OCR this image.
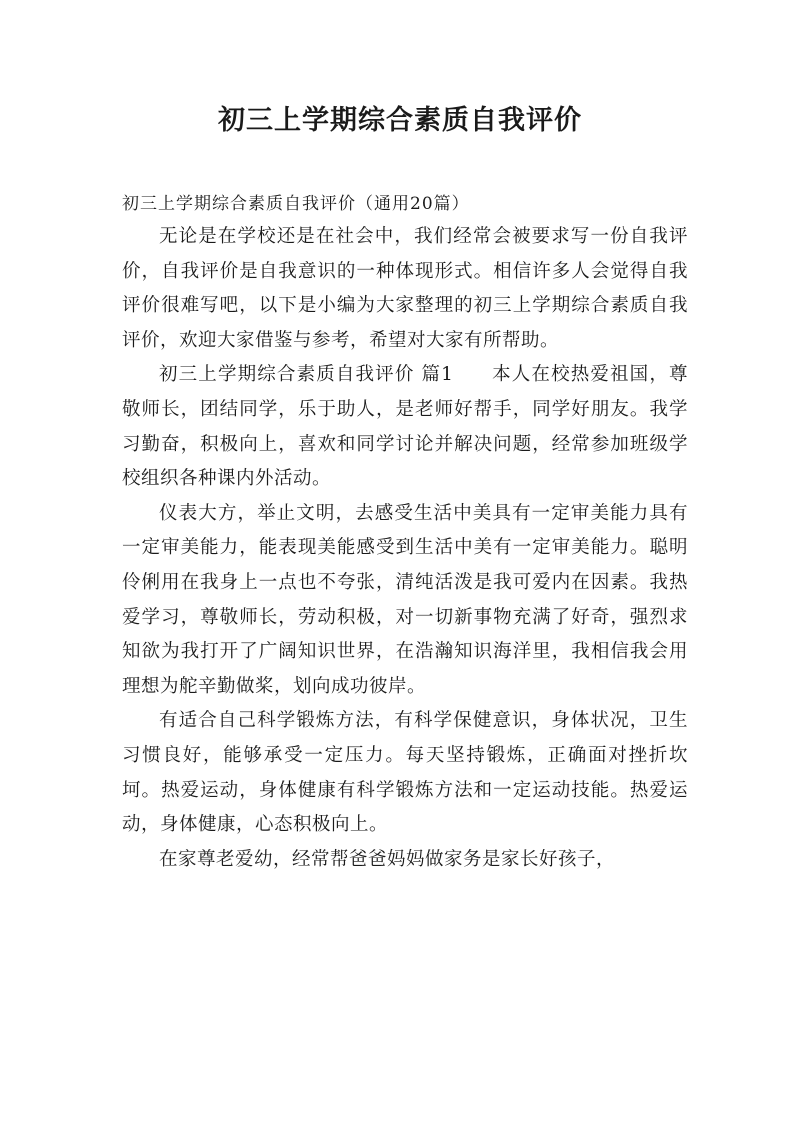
初三上学期综合素质自我评价

初三上学期综合素质自我评价（通用20篇）

无论是在学校还是在社会中，我们经常会被要求写一份自我评价，自我评价是自我意识的一种体现形式。相信许多人会觉得自我评价很难写吧，以下是小编为大家整理的初三上学期综合素质自我评价，欢迎大家借鉴与参考，希望对大家有所帮助。

初三上学期综合素质自我评价 篇1 本人在校热爱祖国，尊敬师长，团结同学，乐于助人，是老师好帮手，同学好朋友。我学习勤奋，积极向上，喜欢和同学讨论并解决问题，经常参加班级学校组织各种课内外活动。

仪表大方，举止文明，去感受生活中美具有一定审美能力具有一定审美能力，能表现美能感受到生活中美有一定审美能力。聪明伶俐用在我身上一点也不夸张，清纯活泼是我可爱内在因素。我热爱学习，尊敬师长，劳动积极，对一切新事物充满了好奇，强烈求知欲为我打开了广阔知识世界，在浩瀚知识海洋里，我相信我会用理想为舵辛勤做桨，划向成功彼岸。

有适合自己科学锻炼方法，有科学保健意识，身体状况，卫生习惯良好，能够承受一定压力。每天坚持锻炼，正确面对挫折坎坷。热爱运动，身体健康有科学锻炼方法和一定运动技能。热爱运动，身体健康，心态积极向上。

在家尊老爱幼，经常帮爸爸妈妈做家务是家长好孩子，
